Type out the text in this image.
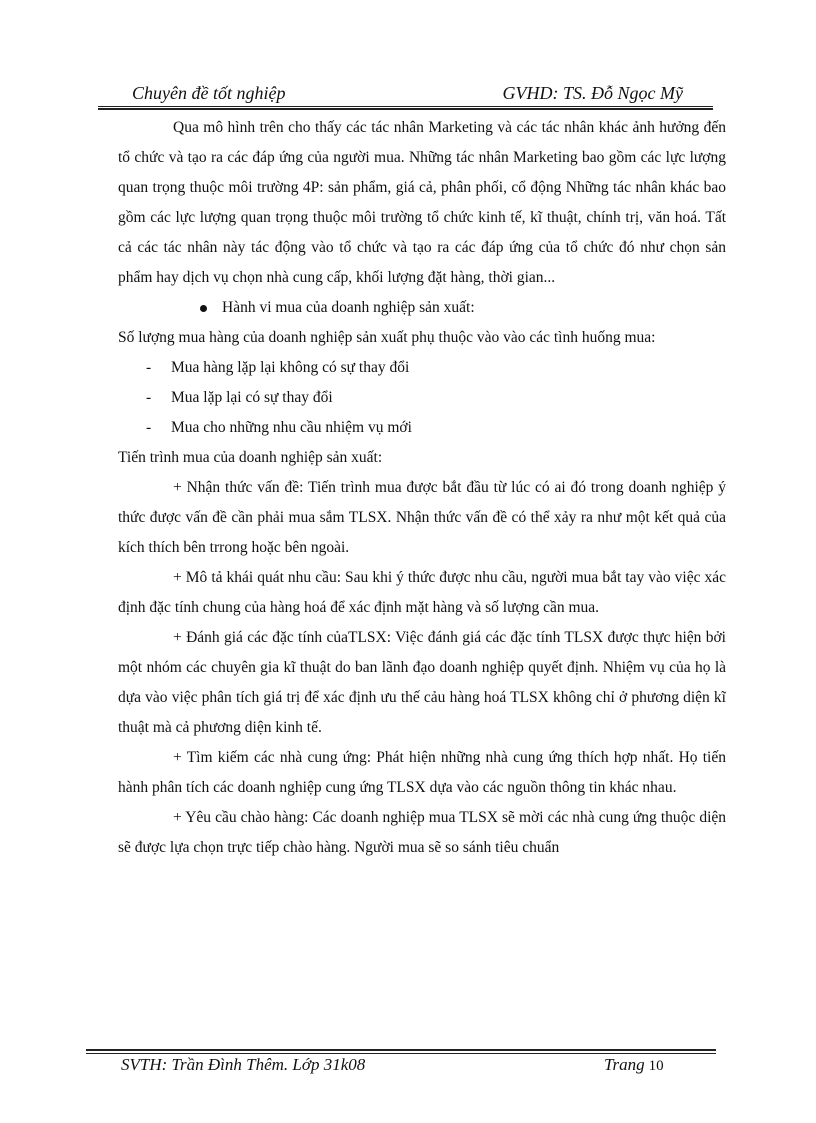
Chuyên đề tốt nghiệp	GVHD: TS. Đỗ Ngọc Mỹ

Qua mô hình trên cho thấy các tác nhân Marketing và các tác nhân khác ảnh hưởng đến tổ chức và tạo ra các đáp ứng của người mua. Những tác nhân Marketing bao gồm các lực lượng quan trọng thuộc môi trường 4P: sản phẩm, giá cả, phân phối, cổ động Những tác nhân khác bao gồm các lực lượng quan trọng thuộc môi trường tổ chức kinh tế, kĩ thuật, chính trị, văn hoá. Tất cả các tác nhân này tác động vào tổ chức và tạo ra các đáp ứng của tổ chức đó như chọn sản phẩm hay dịch vụ chọn nhà cung cấp, khối lượng đặt hàng, thời gian...

Hành vi mua của doanh nghiệp sản xuất:

Số lượng mua hàng của doanh nghiệp sản xuất phụ thuộc vào vào các tình huống mua:

- Mua hàng lặp lại không có sự thay đổi

- Mua lặp lại có sự thay đổi

- Mua cho những nhu cầu nhiệm vụ mới

Tiến trình mua của doanh nghiệp sản xuất:

+ Nhận thức vấn đề: Tiến trình mua được bắt đầu từ lúc có ai đó trong doanh nghiệp ý thức được vấn đề cần phải mua sắm TLSX. Nhận thức vấn đề có thể xảy ra như một kết quả của kích thích bên trrong hoặc bên ngoài.

+ Mô tả khái quát nhu cầu: Sau khi ý thức được nhu cầu, người mua bắt tay vào việc xác định đặc tính chung của hàng hoá để xác định mặt hàng và số lượng cần mua.

+ Đánh giá các đặc tính củaTLSX: Việc đánh giá các đặc tính TLSX được thực hiện bởi một nhóm các chuyên gia kĩ thuật do ban lãnh đạo doanh nghiệp quyết định. Nhiệm vụ của họ là dựa vào việc phân tích giá trị để xác định ưu thế cảu hàng hoá TLSX không chỉ ở phương diện kĩ thuật mà cả phương diện kinh tế.

+ Tìm kiếm các nhà cung ứng: Phát hiện những nhà cung ứng thích hợp nhất. Họ tiến hành phân tích các doanh nghiệp cung ứng TLSX dựa vào các nguồn thông tin khác nhau.

+ Yêu cầu chào hàng: Các doanh nghiệp mua TLSX sẽ mời các nhà cung ứng thuộc diện sẽ được lựa chọn trực tiếp chào hàng. Người mua sẽ so sánh tiêu chuẩn

SVTH: Trần Đình Thêm. Lớp 31k08	Trang 10
